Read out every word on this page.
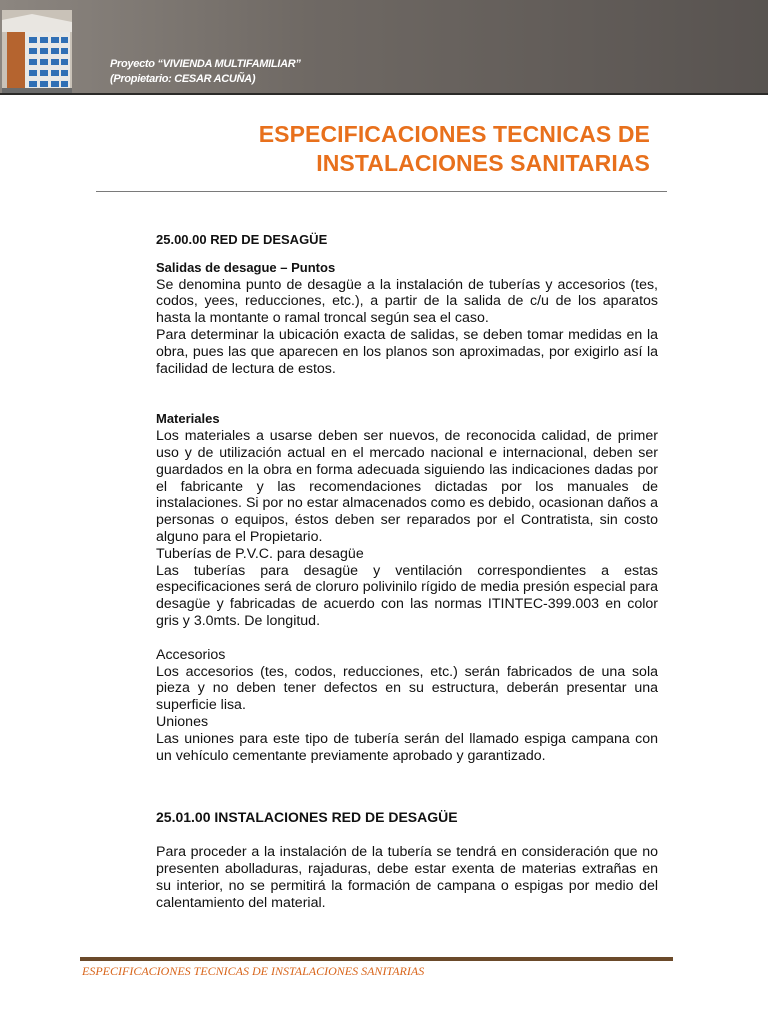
Proyecto “VIVIENDA MULTIFAMILIAR”
(Propietario: CESAR ACUÑA)
ESPECIFICACIONES TECNICAS DE
INSTALACIONES SANITARIAS
25.00.00 RED DE DESAGÜE
Salidas de desague – Puntos
Se denomina punto de desagüe a la instalación de tuberías y accesorios (tes, codos, yees, reducciones, etc.), a partir de la salida de c/u de los aparatos hasta la montante o ramal troncal según sea el caso.
Para determinar la ubicación exacta de salidas, se deben tomar medidas en la obra, pues las que aparecen en los planos son aproximadas, por exigirlo así la facilidad de lectura de estos.
Materiales
Los materiales a usarse deben ser nuevos, de reconocida calidad, de primer uso y de utilización actual en el mercado nacional e internacional, deben ser guardados en la obra en forma adecuada siguiendo las indicaciones dadas por el fabricante y las recomendaciones dictadas por los manuales de instalaciones. Si por no estar almacenados como es debido, ocasionan daños a personas o equipos, éstos deben ser reparados por el Contratista, sin costo alguno para el Propietario.
Tuberías de P.V.C. para desagüe
Las tuberías para desagüe y ventilación correspondientes a estas especificaciones será de cloruro polivinilo rígido de media presión especial para desagüe y fabricadas de acuerdo con las normas ITINTEC-399.003 en color gris y 3.0mts. De longitud.
Accesorios
Los accesorios (tes, codos, reducciones, etc.) serán fabricados de una sola pieza y no deben tener defectos en su estructura, deberán presentar una superficie lisa.
Uniones
Las uniones para este tipo de tubería serán del llamado espiga campana con un vehículo cementante previamente aprobado y garantizado.
25.01.00 INSTALACIONES RED DE DESAGÜE
Para proceder a la instalación de la tubería se tendrá en consideración que no presenten abolladuras, rajaduras, debe estar exenta de materias extrañas en su interior, no se permitirá la formación de campana o espigas por medio del calentamiento del material.
ESPECIFICACIONES TECNICAS DE INSTALACIONES SANITARIAS
